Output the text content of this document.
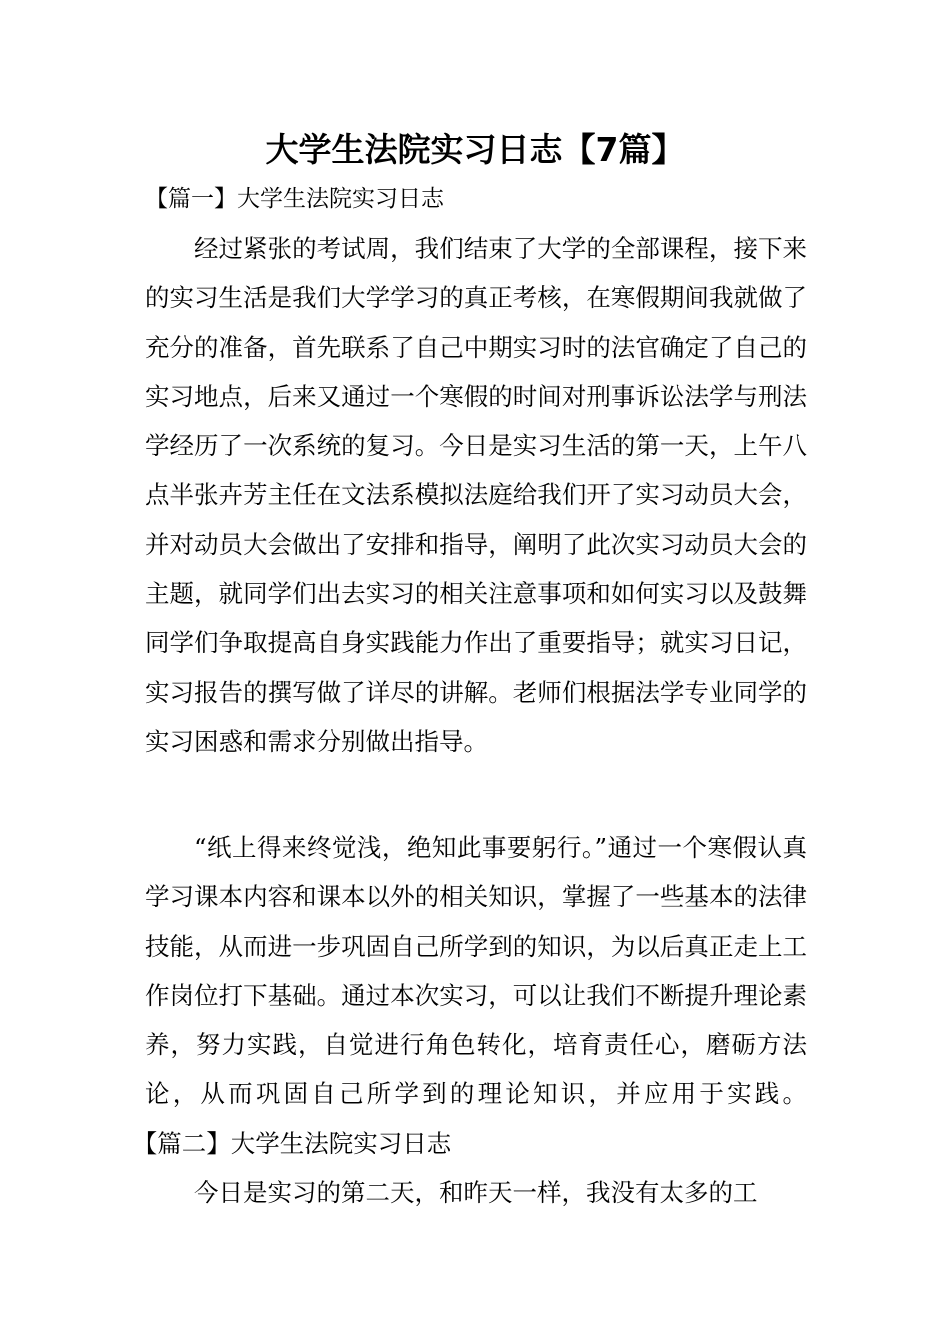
大学生法院实习日志【7篇】

【篇一】大学生法院实习日志

经过紧张的考试周，我们结束了大学的全部课程，接下来的实习生活是我们大学学习的真正考核，在寒假期间我就做了充分的准备，首先联系了自己中期实习时的法官确定了自己的实习地点，后来又通过一个寒假的时间对刑事诉讼法学与刑法学经历了一次系统的复习。今日是实习生活的第一天，上午八点半张卉芳主任在文法系模拟法庭给我们开了实习动员大会，并对动员大会做出了安排和指导，阐明了此次实习动员大会的主题，就同学们出去实习的相关注意事项和如何实习以及鼓舞同学们争取提高自身实践能力作出了重要指导；就实习日记，实习报告的撰写做了详尽的讲解。老师们根据法学专业同学的实习困惑和需求分别做出指导。

“纸上得来终觉浅，绝知此事要躬行。”通过一个寒假认真学习课本内容和课本以外的相关知识，掌握了一些基本的法律技能，从而进一步巩固自己所学到的知识，为以后真正走上工作岗位打下基础。通过本次实习，可以让我们不断提升理论素养，努力实践，自觉进行角色转化，培育责任心，磨砺方法论，从而巩固自己所学到的理论知识，并应用于实践。【篇二】大学生法院实习日志

今日是实习的第二天，和昨天一样，我没有太多的工
